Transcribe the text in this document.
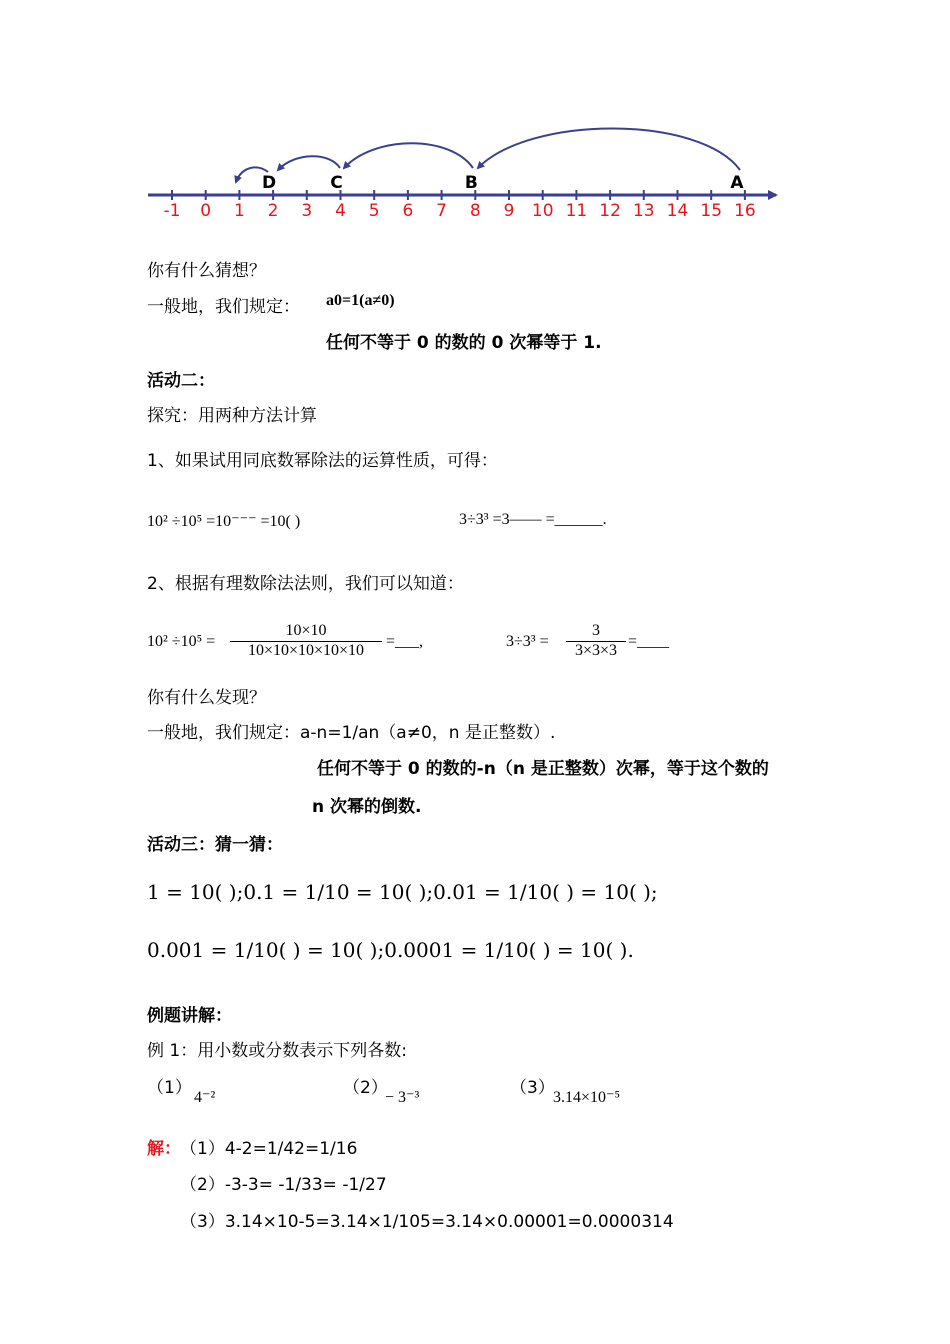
-1 0 1 2 3 4 5 6 7 8 9 10 11 12 13 14 15 16
D	C	B	A
你有什么猜想？
一般地，我们规定： a0=1(a≠0)
任何不等于 0 的数的 0 次幂等于 1.
活动二：
探究：用两种方法计算
1、如果试用同底数幂除法的运算性质，可得：
10² ÷10⁵ =10⁻⁻⁻ =10( )	3÷3³ =3—— =______.
2、根据有理数除法法则，我们可以知道：
$10^2 \div 10^5 = \frac{10\times 10}{10\times 10\times 10\times 10\times 10}$ =___,	$3\div 3^3 = \frac{3}{3\times 3\times 3}$ =____
你有什么发现？
一般地，我们规定：a-n=1/an（a≠0，n 是正整数）.
任何不等于 0 的数的-n（n 是正整数）次幂，等于这个数的
n 次幂的倒数.
活动三：猜一猜：
1 = 10( );0.1 = 1/10 = 10( );0.01 = 1/10( ) = 10( );
0.001 = 1/10( ) = 10( );0.0001 = 1/10( ) = 10( ).
例题讲解：
例 1：用小数或分数表示下列各数:
（1） 4⁻²	（2）
− 3⁻³	（3）
3.14×10⁻⁵
解： （1）4-2=1/42=1/16
（2）-3-3= -1/33= -1/27
（3）3.14×10-5=3.14×1/105=3.14×0.00001=0.0000314
